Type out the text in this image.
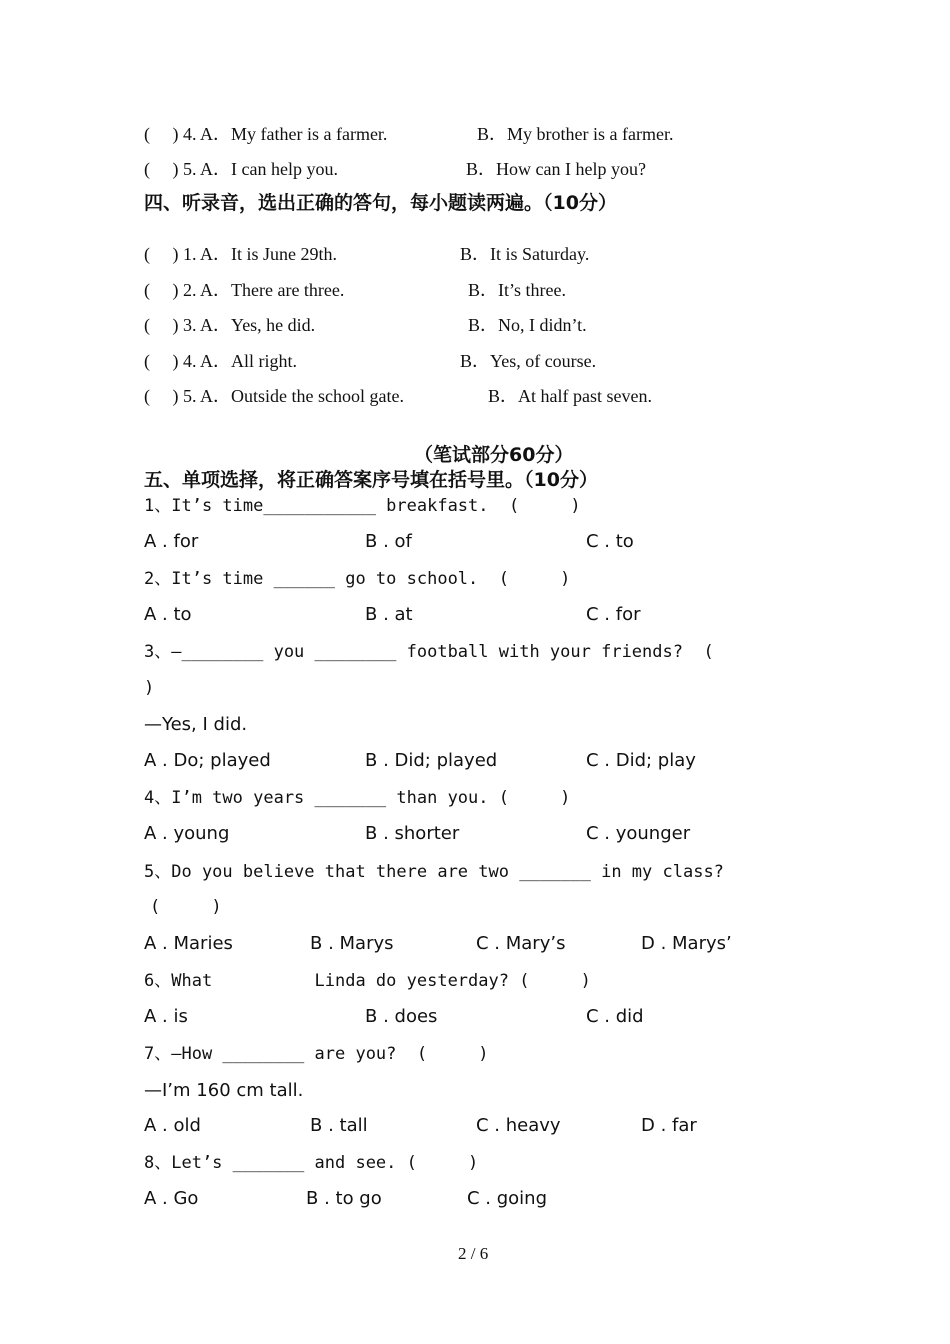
(     ) 4. A．My father is a farmer.	B．My brother is a farmer.
(     ) 5. A．I can help you.	B．How can I help you?
四、听录音，选出正确的答句，每小题读两遍。（10分）
(     ) 1. A．It is June 29th.	B．It is Saturday.
(     ) 2. A．There are three.	B．It’s three.
(     ) 3. A．Yes, he did.	B．No, I didn’t.
(     ) 4. A．All right.	B．Yes, of course.
(     ) 5. A．Outside the school gate.	B．At half past seven.
（笔试部分60分）
五、单项选择，将正确答案序号填在括号里。（10分）
1、It’s time___________ breakfast.  (     )
A . for	B . of	C . to
2、It’s time ______ go to school.  (     )
A . to	B . at	C . for
3、—________ you ________ football with your friends?  (
)
—Yes, I did.
A . Do; played	B . Did; played	C . Did; play
4、I’m two years _______ than you. (     )
A . young	B . shorter	C . younger
5、Do you believe that there are two _______ in my class?
(     )
A . Maries	B . Marys	C . Mary’s	D . Marys’
6、What          Linda do yesterday? (     )
A . is	B . does	C . did
7、—How ________ are you?  (     )
—I’m 160 cm tall.
A . old	B . tall	C . heavy	D . far
8、Let’s _______ and see. (     )
A . Go	B . to go	C . going
2 / 6
